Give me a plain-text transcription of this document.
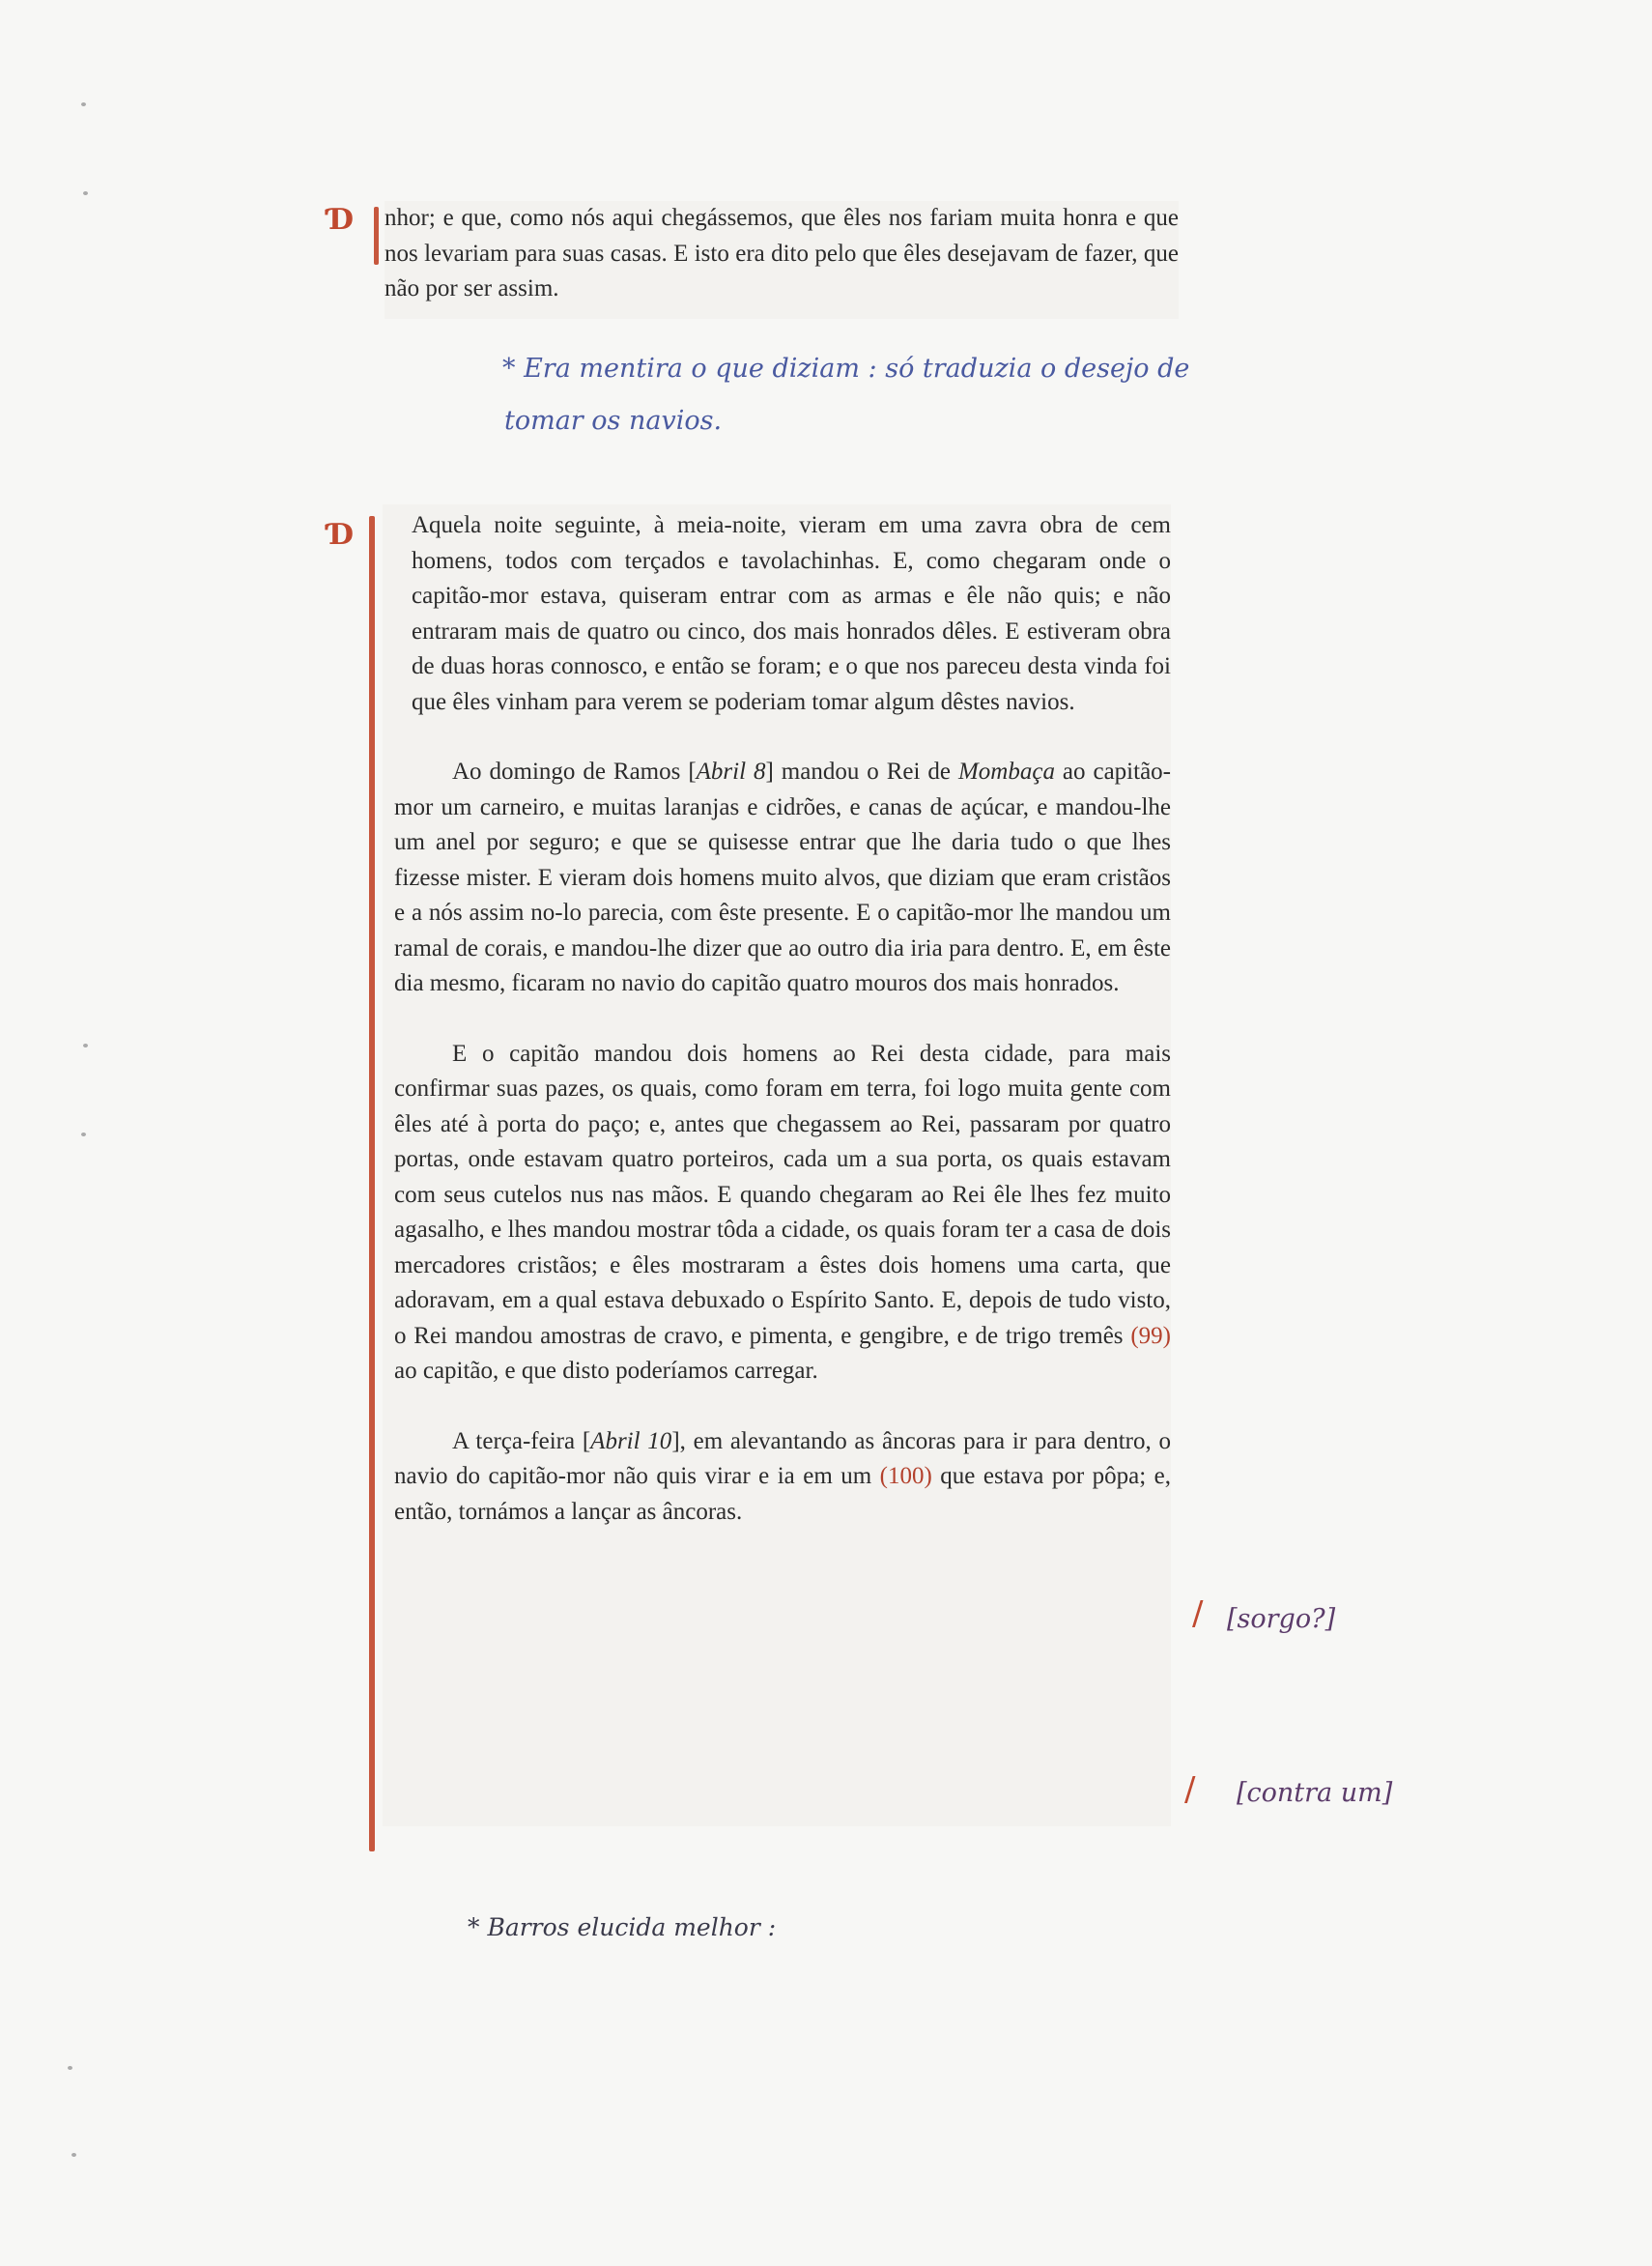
Ɗ nhor; e que, como nós aqui chegássemos, que êles nos fariam muita honra e que nos levariam para suas casas. E isto era dito pelo que êles desejavam de fazer, que não por ser assim.

* Era mentira o que diziam : só traduzia o desejo de
tomar os navios.
Ɗ	Aquela noite seguinte, à meia-noite, vieram em uma zavra obra de cem homens, todos com terçados e tavolachinhas. E, como chegaram onde o capitão-mor estava, quiseram entrar com as armas e êle não quis; e não entraram mais de quatro ou cinco, dos mais honrados dêles. E estiveram obra de duas horas connosco, e então se foram; e o que nos pareceu desta vinda foi que êles vinham para verem se poderiam tomar algum dêstes navios.

Ao domingo de Ramos [Abril 8] mandou o Rei de Mombaça ao capitão-mor um carneiro, e muitas laranjas e cidrões, e canas de açúcar, e mandou-lhe um anel por seguro; e que se quisesse entrar que lhe daria tudo o que lhes fizesse mister. E vieram dois homens muito alvos, que diziam que eram cristãos e a nós assim no-lo parecia, com êste presente. E o capitão-mor lhe mandou um ramal de corais, e mandou-lhe dizer que ao outro dia iria para dentro. E, em êste dia mesmo, ficaram no navio do capitão quatro mouros dos mais honrados.

E o capitão mandou dois homens ao Rei desta cidade, para mais confirmar suas pazes, os quais, como foram em terra, foi logo muita gente com êles até à porta do paço; e, antes que chegassem ao Rei, passaram por quatro portas, onde estavam quatro porteiros, cada um a sua porta, os quais estavam com seus cutelos nus nas mãos. E quando chegaram ao Rei êle lhes fez muito agasalho, e lhes mandou mostrar tôda a cidade, os quais foram ter a casa de dois mercadores cristãos; e êles mostraram a êstes dois homens uma carta, que adoravam, em a qual estava debuxado o Espírito Santo. E, depois de tudo visto, o Rei mandou amostras de cravo, e pimenta, e gengibre, e de trigo tremês (99) ao capitão, e que disto poderíamos carregar.

A terça-feira [Abril 10], em alevantando as âncoras para ir para dentro, o navio do capitão-mor não quis virar e ia em um (100) que estava por pôpa; e, então, tornámos a lançar as âncoras.

/ [sorgo?]
/ [contra um]
* Barros elucida melhor :
